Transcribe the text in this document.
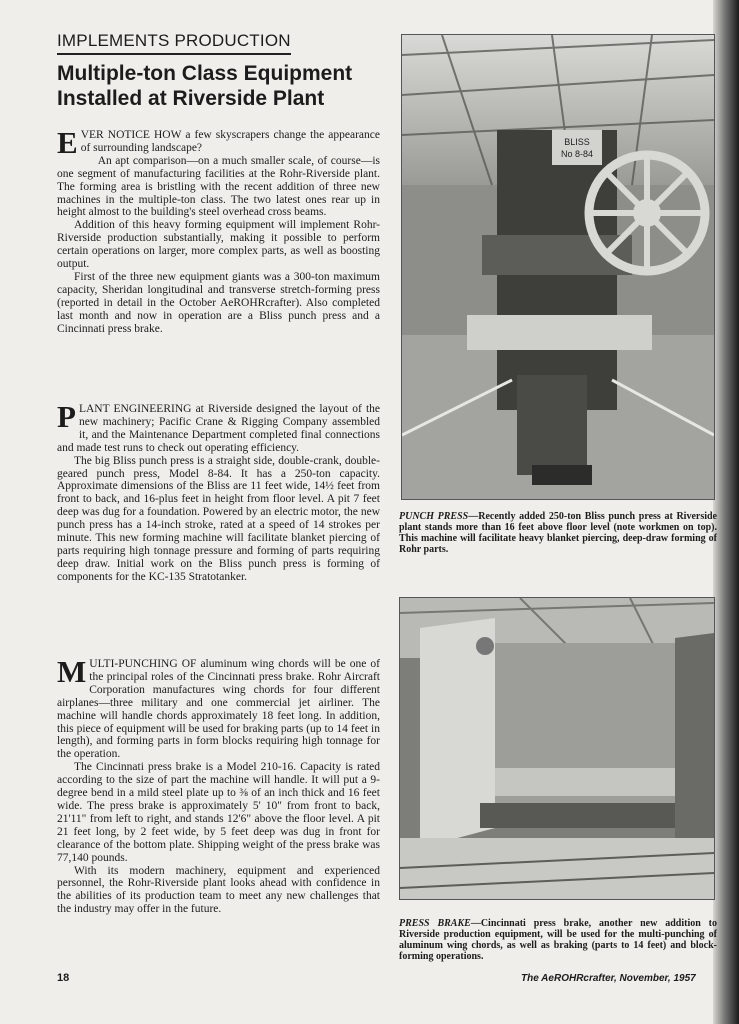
IMPLEMENTS PRODUCTION
Multiple-ton Class Equipment Installed at Riverside Plant

EVER NOTICE HOW a few skyscrapers change the appearance of surrounding landscape?

An apt comparison—on a much smaller scale, of course—is one segment of manufacturing facilities at the Rohr-Riverside plant. The forming area is bristling with the recent addition of three new machines in the multiple-ton class. The two latest ones rear up in height almost to the building's steel overhead cross beams.

Addition of this heavy forming equipment will implement Rohr-Riverside production substantially, making it possible to perform certain operations on larger, more complex parts, as well as boosting output.

First of the three new equipment giants was a 300-ton maximum capacity, Sheridan longitudinal and transverse stretch-forming press (reported in detail in the October AeROHRcrafter). Also completed last month and now in operation are a Bliss punch press and a Cincinnati press brake.

PLANT ENGINEERING at Riverside designed the layout of the new machinery; Pacific Crane & Rigging Company assembled it, and the Maintenance Department completed final connections and made test runs to check out operating efficiency.

The big Bliss punch press is a straight side, double-crank, double-geared punch press, Model 8-84. It has a 250-ton capacity. Approximate dimensions of the Bliss are 11 feet wide, 14½ feet from front to back, and 16-plus feet in height from floor level. A pit 7 feet deep was dug for a foundation. Powered by an electric motor, the new punch press has a 14-inch stroke, rated at a speed of 14 strokes per minute. This new forming machine will facilitate blanket piercing of parts requiring high tonnage pressure and forming of parts requiring deep draw. Initial work on the Bliss punch press is forming of components for the KC-135 Stratotanker.

MULTI-PUNCHING OF aluminum wing chords will be one of the principal roles of the Cincinnati press brake. Rohr Aircraft Corporation manufactures wing chords for four different airplanes—three military and one commercial jet airliner. The machine will handle chords approximately 18 feet long. In addition, this piece of equipment will be used for braking parts (up to 14 feet in length), and forming parts in form blocks requiring high tonnage for the operation.

The Cincinnati press brake is a Model 210-16. Capacity is rated according to the size of part the machine will handle. It will put a 9-degree bend in a mild steel plate up to ⅜ of an inch thick and 16 feet wide. The press brake is approximately 5' 10" from front to back, 21'11" from left to right, and stands 12'6" above the floor level. A pit 21 feet long, by 2 feet wide, by 5 feet deep was dug in front for clearance of the bottom plate. Shipping weight of the press brake was 77,140 pounds.

With its modern machinery, equipment and experienced personnel, the Rohr-Riverside plant looks ahead with confidence in the abilities of its production team to meet any new challenges that the industry may offer in the future.

BLISS
No 8-84
PUNCH PRESS—Recently added 250-ton Bliss punch press at Riverside plant stands more than 16 feet above floor level (note workmen on top). This machine will facilitate heavy blanket piercing, deep-draw forming of Rohr parts.
PRESS BRAKE—Cincinnati press brake, another new addition to Riverside production equipment, will be used for the multi-punching of aluminum wing chords, as well as braking (parts to 14 feet) and block-forming operations.
18	The AeROHRcrafter, November, 1957
